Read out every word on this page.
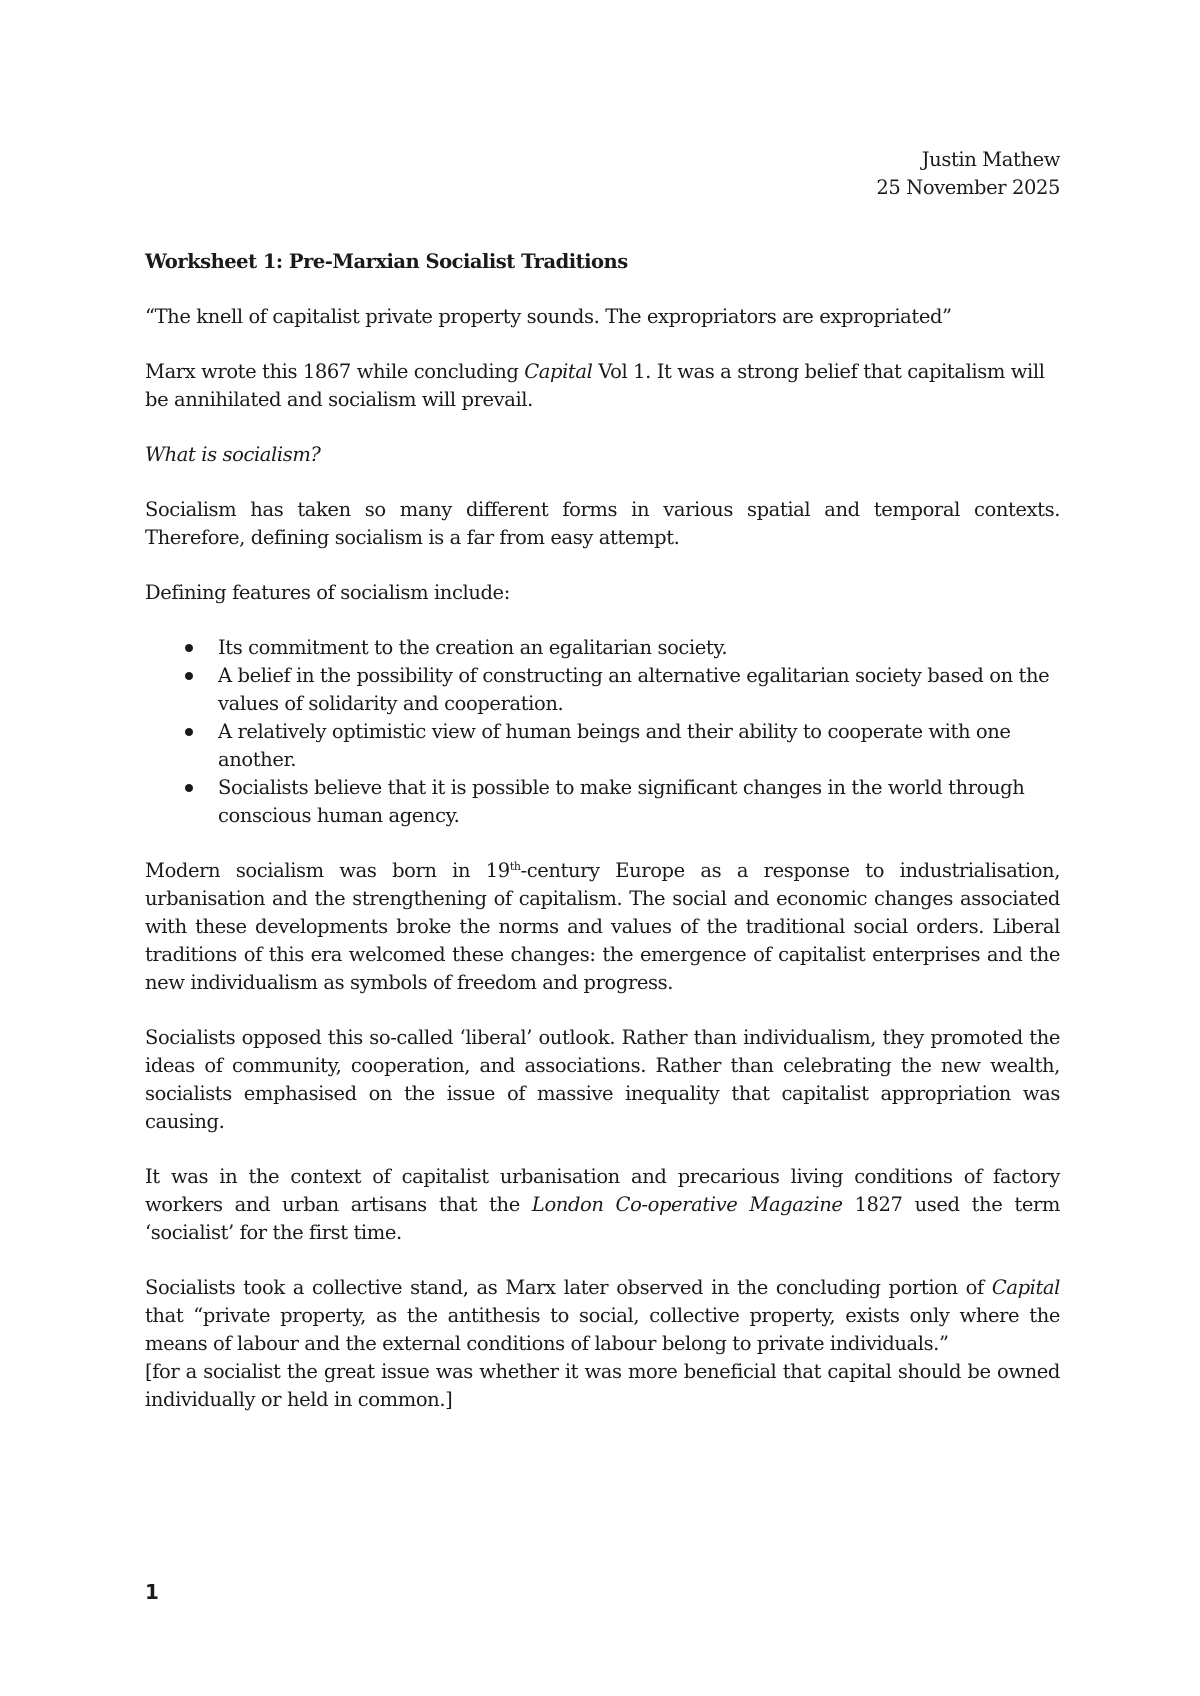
Justin Mathew
25 November 2025
Worksheet 1: Pre-Marxian Socialist Traditions

“The knell of capitalist private property sounds. The expropriators are expropriated”

Marx wrote this 1867 while concluding Capital Vol 1. It was a strong belief that capitalism will be annihilated and socialism will prevail.

What is socialism?

Socialism has taken so many different forms in various spatial and temporal contexts. Therefore, defining socialism is a far from easy attempt.

Defining features of socialism include:

Its commitment to the creation an egalitarian society.
A belief in the possibility of constructing an alternative egalitarian society based on the values of solidarity and cooperation.
A relatively optimistic view of human beings and their ability to cooperate with one another.
Socialists believe that it is possible to make significant changes in the world through conscious human agency.

Modern socialism was born in 19th-century Europe as a response to industrialisation, urbanisation and the strengthening of capitalism. The social and economic changes associated with these developments broke the norms and values of the traditional social orders. Liberal traditions of this era welcomed these changes: the emergence of capitalist enterprises and the new individualism as symbols of freedom and progress.

Socialists opposed this so-called ‘liberal’ outlook. Rather than individualism, they promoted the ideas of community, cooperation, and associations. Rather than celebrating the new wealth, socialists emphasised on the issue of massive inequality that capitalist appropriation was causing.

It was in the context of capitalist urbanisation and precarious living conditions of factory workers and urban artisans that the London Co-operative Magazine 1827 used the term ‘socialist’ for the first time.

Socialists took a collective stand, as Marx later observed in the concluding portion of Capital that “private property, as the antithesis to social, collective property, exists only where the means of labour and the external conditions of labour belong to private individuals.”

[for a socialist the great issue was whether it was more beneficial that capital should be owned individually or held in common.]

1
